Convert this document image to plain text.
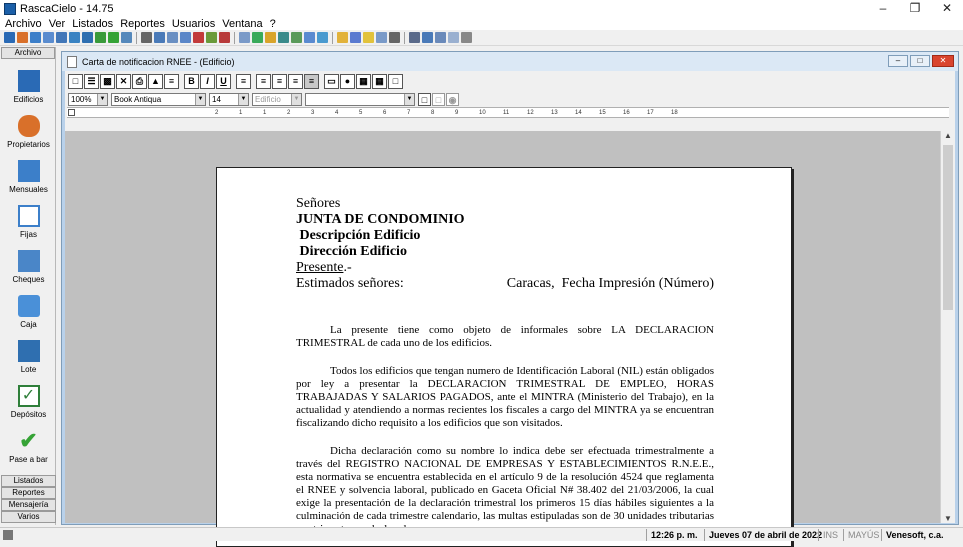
RascaCielo - 14.75	–	❐	✕
Archivo Ver Listados Reportes Usuarios Ventana ?
Archivo
Edificios
Propietarios
Mensuales
Fijas
Cheques
Caja
Lote
✓
Depósitos
✔
Pase a bar
Listados
Reportes
Mensajería
Varios
Carta de notificacion RNEE - (Edificio)	–	□	✕
□	☰ ▩ ✕ ⎙ ▲ ≡	B	I	U	≡	≡	≡	≡	≡	▭	●	▦ ▦	□
100%	▼	Book Antiqua	▼	14	▼	Edificio	▼	▼	□ □ ◉
2	1	1	2	3	4	5	6	7	8	9	10	11	12	13	14	15	16	17	18
Señores
JUNTA DE CONDOMINIO
Descripción Edificio
Dirección Edificio
Presente.-
Estimados señores:	Caracas,  Fecha Impresión (Número)

La presente tiene como objeto de informales sobre LA DECLARACION TRIMESTRAL de cada uno de los edificios.

Todos los edificios que tengan numero de Identificación Laboral (NIL) están obligados por ley a presentar la DECLARACION TRIMESTRAL DE EMPLEO, HORAS TRABAJADAS Y SALARIOS PAGADOS, ante el MINTRA (Ministerio del Trabajo), en la actualidad y atendiendo a normas recientes los fiscales a cargo del MINTRA ya se encuentran fiscalizando dicho requisito a los edificios que son visitados.

Dicha declaración como su nombre lo indica debe ser efectuada trimestralmente a través del REGISTRO NACIONAL DE EMPRESAS Y ESTABLECIMIENTOS R.N.E.E., esta normativa se encuentra establecida en el artículo 9 de la resolución 4524 que reglamenta el RNEE y solvencia laboral, publicado en Gaceta Oficial N# 38.402 del 21/03/2006, la cual exige la presentación de la declaración trimestral los primeros 15 días hábiles siguientes a la culminación de cada trimestre calendario, las multas estipuladas son de 30 unidades tributarias

▲
▼
12:26 p. m.	Jueves 07 de abril de 2022 INS	MAYÚS Venesoft, c.a.
